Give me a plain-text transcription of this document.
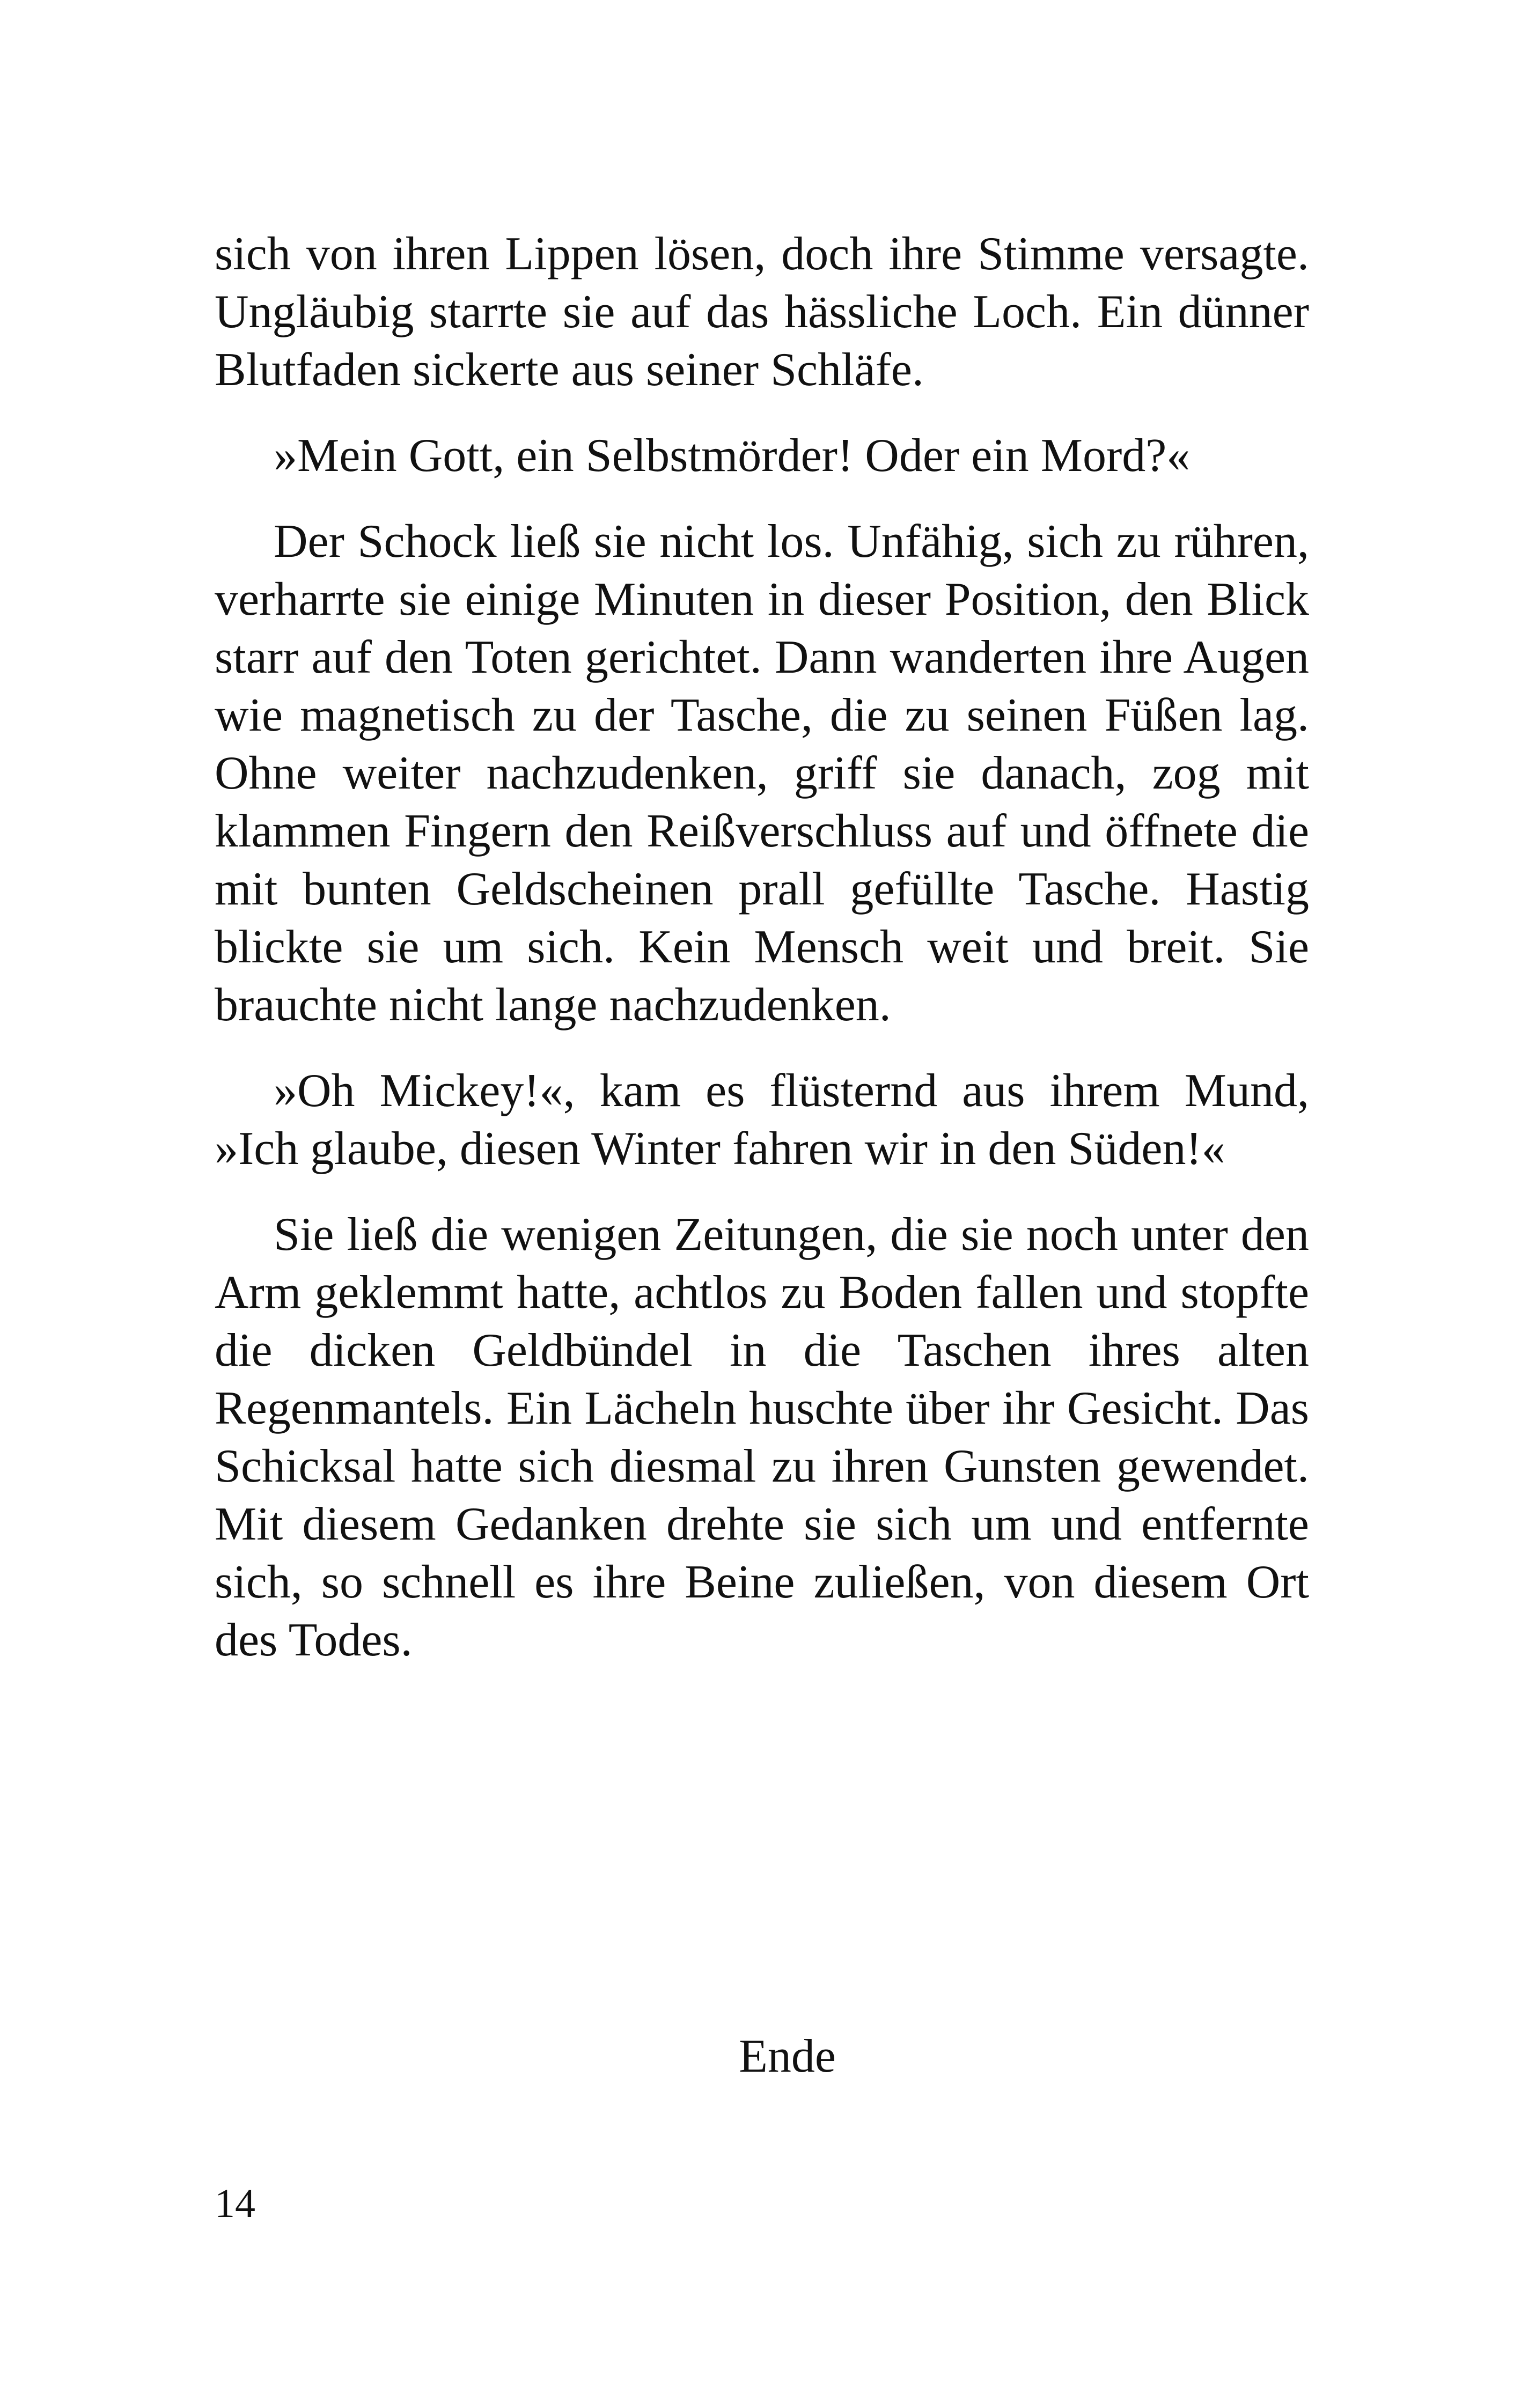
sich von ihren Lippen lösen, doch ihre Stimme versagte. Ungläubig starrte sie auf das hässliche Loch. Ein dünner Blutfaden sickerte aus seiner Schläfe.

»Mein Gott, ein Selbstmörder! Oder ein Mord?«

Der Schock ließ sie nicht los. Unfähig, sich zu rühren, verharrte sie einige Minuten in dieser Position, den Blick starr auf den Toten gerichtet. Dann wanderten ihre Augen wie magnetisch zu der Tasche, die zu seinen Füßen lag. Ohne weiter nachzudenken, griff sie danach, zog mit klammen Fingern den Reißverschluss auf und öffnete die mit bunten Geldscheinen prall gefüllte Tasche. Hastig blickte sie um sich. Kein Mensch weit und breit. Sie brauchte nicht lange nachzudenken.

»Oh Mickey!«, kam es flüsternd aus ihrem Mund, »Ich glaube, diesen Winter fahren wir in den Süden!«

Sie ließ die wenigen Zeitungen, die sie noch unter den Arm geklemmt hatte, achtlos zu Boden fallen und stopfte die dicken Geldbündel in die Taschen ihres alten Regenmantels. Ein Lächeln huschte über ihr Gesicht. Das Schicksal hatte sich diesmal zu ihren Gunsten gewendet. Mit diesem Gedanken drehte sie sich um und entfernte sich, so schnell es ihre Beine zuließen, von diesem Ort des Todes.

Ende
14
